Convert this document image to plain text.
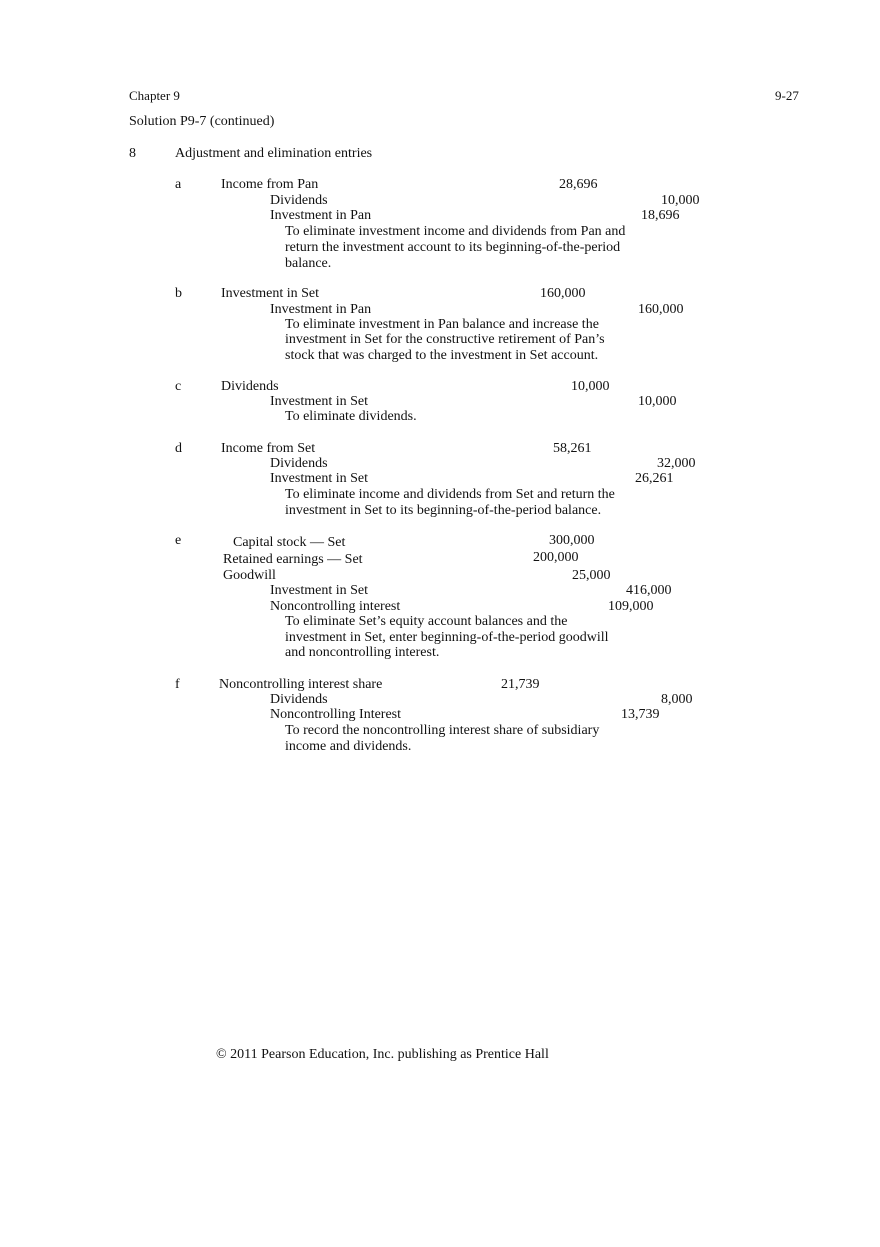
Chapter 9	9-27
Solution P9-7 (continued)
8	Adjustment and elimination entries
a	Income from Pan	28,696
Dividends	10,000
Investment in Pan	18,696
To eliminate investment income and dividends from Pan and
return the investment account to its beginning-of-the-period
balance.
b	Investment in Set	160,000
Investment in Pan	160,000
To eliminate investment in Pan balance and increase the
investment in Set for the constructive retirement of Pan’s
stock that was charged to the investment in Set account.
c	Dividends	10,000
Investment in Set	10,000
To eliminate dividends.
d	Income from Set	58,261
Dividends	32,000
Investment in Set	26,261
To eliminate income and dividends from Set and return the
investment in Set to its beginning-of-the-period balance.
e	Capital stock — Set	300,000
Retained earnings — Set	200,000
Goodwill	25,000
Investment in Set	416,000
Noncontrolling interest	109,000
To eliminate Set’s equity account balances and the
investment in Set, enter beginning-of-the-period goodwill
and noncontrolling interest.
f	Noncontrolling interest share	21,739
Dividends	8,000
Noncontrolling Interest	13,739
To record the noncontrolling interest share of subsidiary
income and dividends.
© 2011 Pearson Education, Inc. publishing as Prentice Hall
